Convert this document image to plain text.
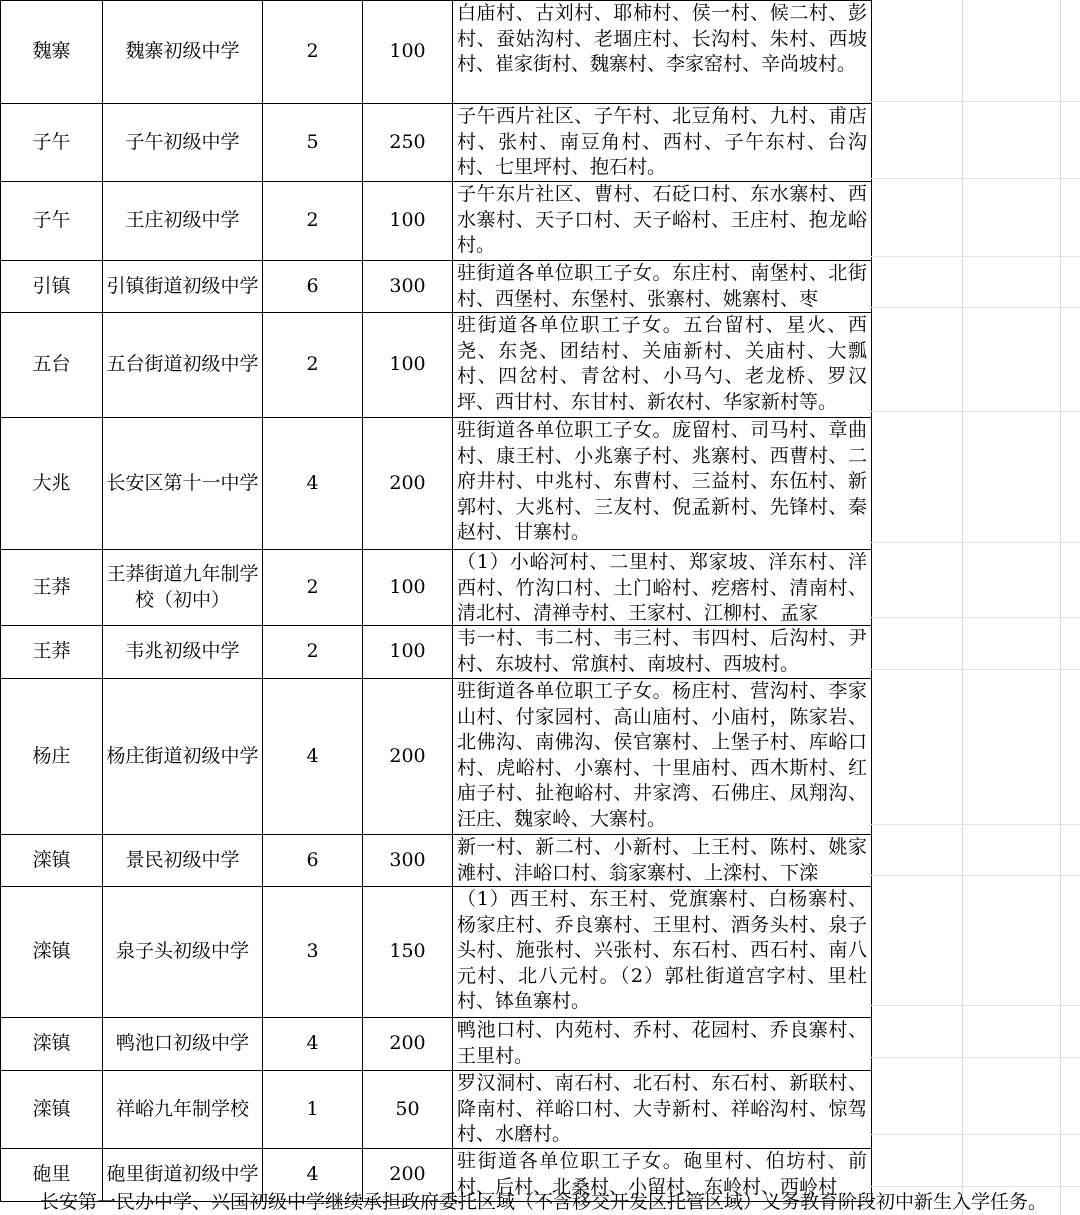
魏寨	魏寨初级中学	2	100	白庙村、古刘村、耶柿村、侯一村、候二村、彭村、蚕姑沟村、老堌庄村、长沟村、朱村、西坡村、崔家街村、魏寨村、李家窑村、辛尚坡村。

子午	子午初级中学	5	250	子午西片社区、子午村、北豆角村、九村、甫店村、张村、南豆角村、西村、子午东村、台沟村、七里坪村、抱石村。

子午	王庄初级中学	2	100	子午东片社区、曹村、石砭口村、东水寨村、西水寨村、天子口村、天子峪村、王庄村、抱龙峪村。

引镇	引镇街道初级中学	6	300	驻街道各单位职工子女。东庄村、南堡村、北街村、西堡村、东堡村、张寨村、姚寨村、枣

五台	五台街道初级中学	2	100	驻街道各单位职工子女。五台留村、星火、西尧、东尧、团结村、关庙新村、关庙村、大瓢村、四岔村、青岔村、小马勺、老龙桥、罗汉坪、西甘村、东甘村、新农村、华家新村等。

大兆	长安区第十一中学	4	200	驻街道各单位职工子女。庞留村、司马村、章曲村、康王村、小兆寨子村、兆寨村、西曹村、二府井村、中兆村、东曹村、三益村、东伍村、新郭村、大兆村、三友村、倪孟新村、先锋村、秦赵村、甘寨村。

王莽	王莽街道九年制学校（初中）	2	100	（1）小峪河村、二里村、郑家坡、洋东村、洋西村、竹沟口村、土门峪村、疙瘩村、清南村、清北村、清禅寺村、王家村、江柳村、孟家

王莽	韦兆初级中学	2	100	韦一村、韦二村、韦三村、韦四村、后沟村、尹村、东坡村、常旗村、南坡村、西坡村。

杨庄	杨庄街道初级中学	4	200	驻街道各单位职工子女。杨庄村、营沟村、李家山村、付家园村、高山庙村、小庙村，陈家岩、北佛沟、南佛沟、侯官寨村、上堡子村、库峪口村、虎峪村、小寨村、十里庙村、西木斯村、红庙子村、扯袍峪村、井家湾、石佛庄、凤翔沟、汪庄、魏家岭、大寨村。

滦镇	景民初级中学	6	300	新一村、新二村、小新村、上王村、陈村、姚家滩村、沣峪口村、翁家寨村、上滦村、下滦

滦镇	泉子头初级中学	3	150	（1）西王村、东王村、党旗寨村、白杨寨村、杨家庄村、乔良寨村、王里村、酒务头村、泉子头村、施张村、兴张村、东石村、西石村、南八元村、北八元村。（2）郭杜街道宫字村、里杜村、钵鱼寨村。

滦镇	鸭池口初级中学	4	200	鸭池口村、内苑村、乔村、花园村、乔良寨村、王里村。

滦镇	祥峪九年制学校	1	50	罗汉洞村、南石村、北石村、东石村、新联村、降南村、祥峪口村、大寺新村、祥峪沟村、惊驾村、水磨村。

砲里	砲里街道初级中学	4	200	驻街道各单位职工子女。砲里村、伯坊村、前村、后村、北桑村、小留村、东岭村、西岭村
长安第一民办中学、兴国初级中学继续承担政府委托区域（不含移交开发区托管区域）义务教育阶段初中新生入学任务。
